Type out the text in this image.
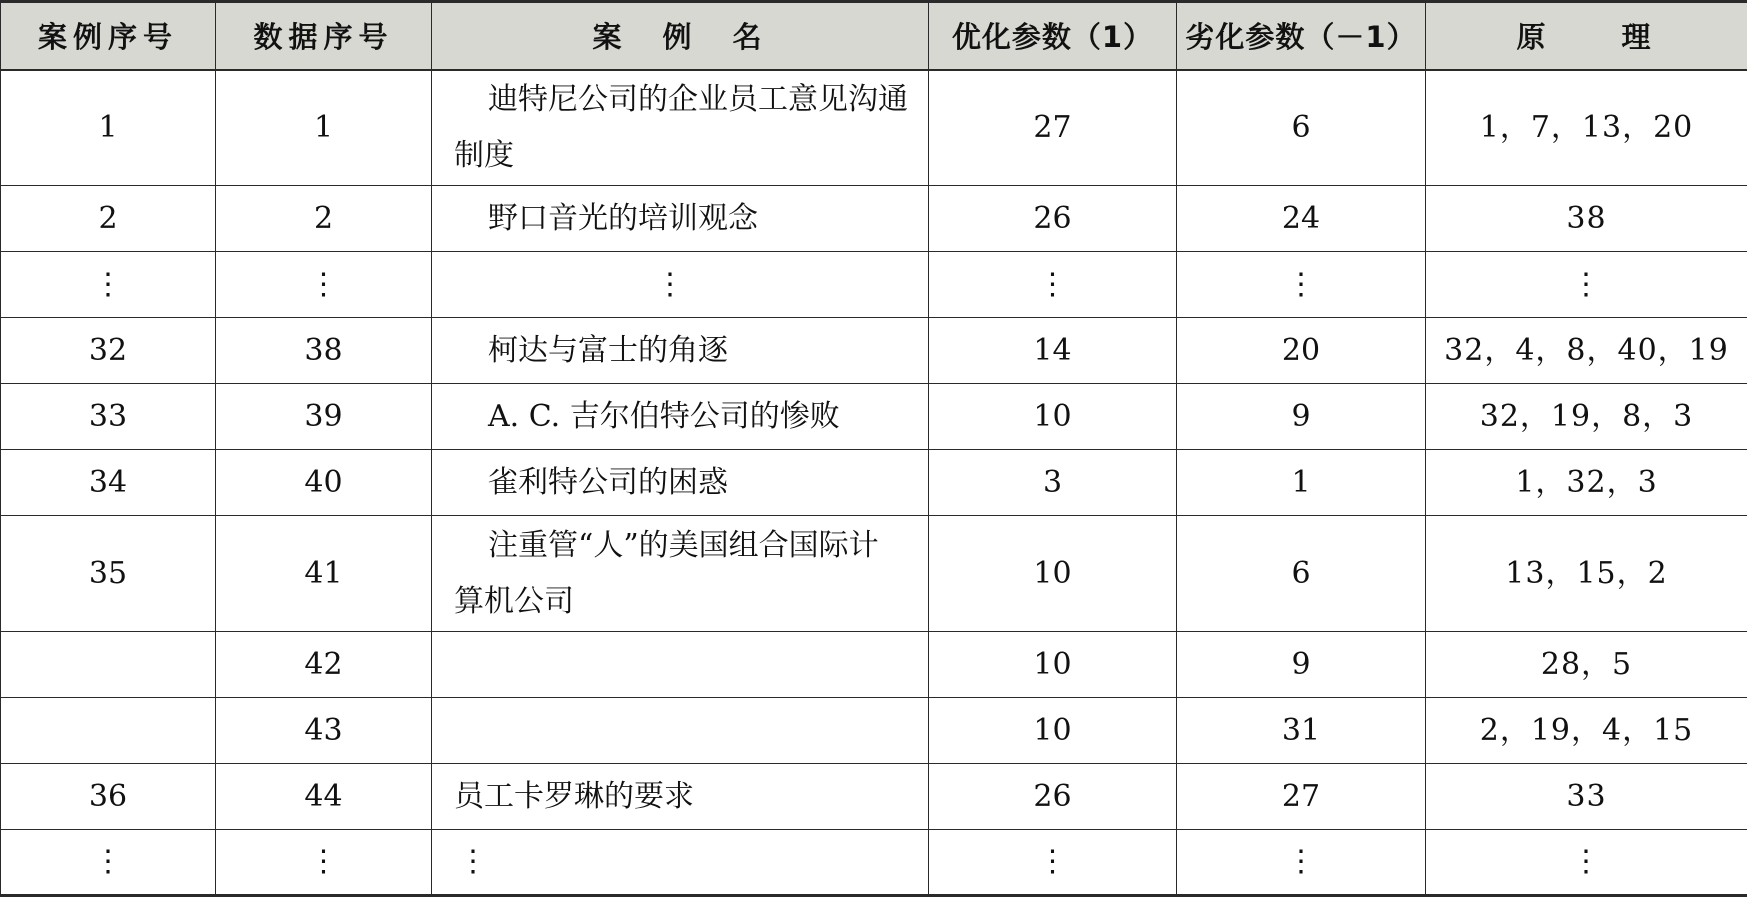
案例序号	数据序号	案　例　名	优化参数（1）	劣化参数（－1）	原　　理
1	1	迪特尼公司的企业员工意见沟通制度	27	6	1，7，13，20
2	2	野口音光的培训观念	26	24	38
⋮	⋮	⋮	⋮	⋮	⋮
32	38	柯达与富士的角逐	14	20	32，4，8，40，19
33	39	A. C. 吉尔伯特公司的惨败	10	9	32，19，8，3
34	40	雀利特公司的困惑	3	1	1，32，3
35	41	注重管“人”的美国组合国际计算机公司	10	6	13，15，2
	42		10	9	28，5
	43		10	31	2，19，4，15
36	44	员工卡罗琳的要求	26	27	33
⋮	⋮	⋮	⋮	⋮	⋮
